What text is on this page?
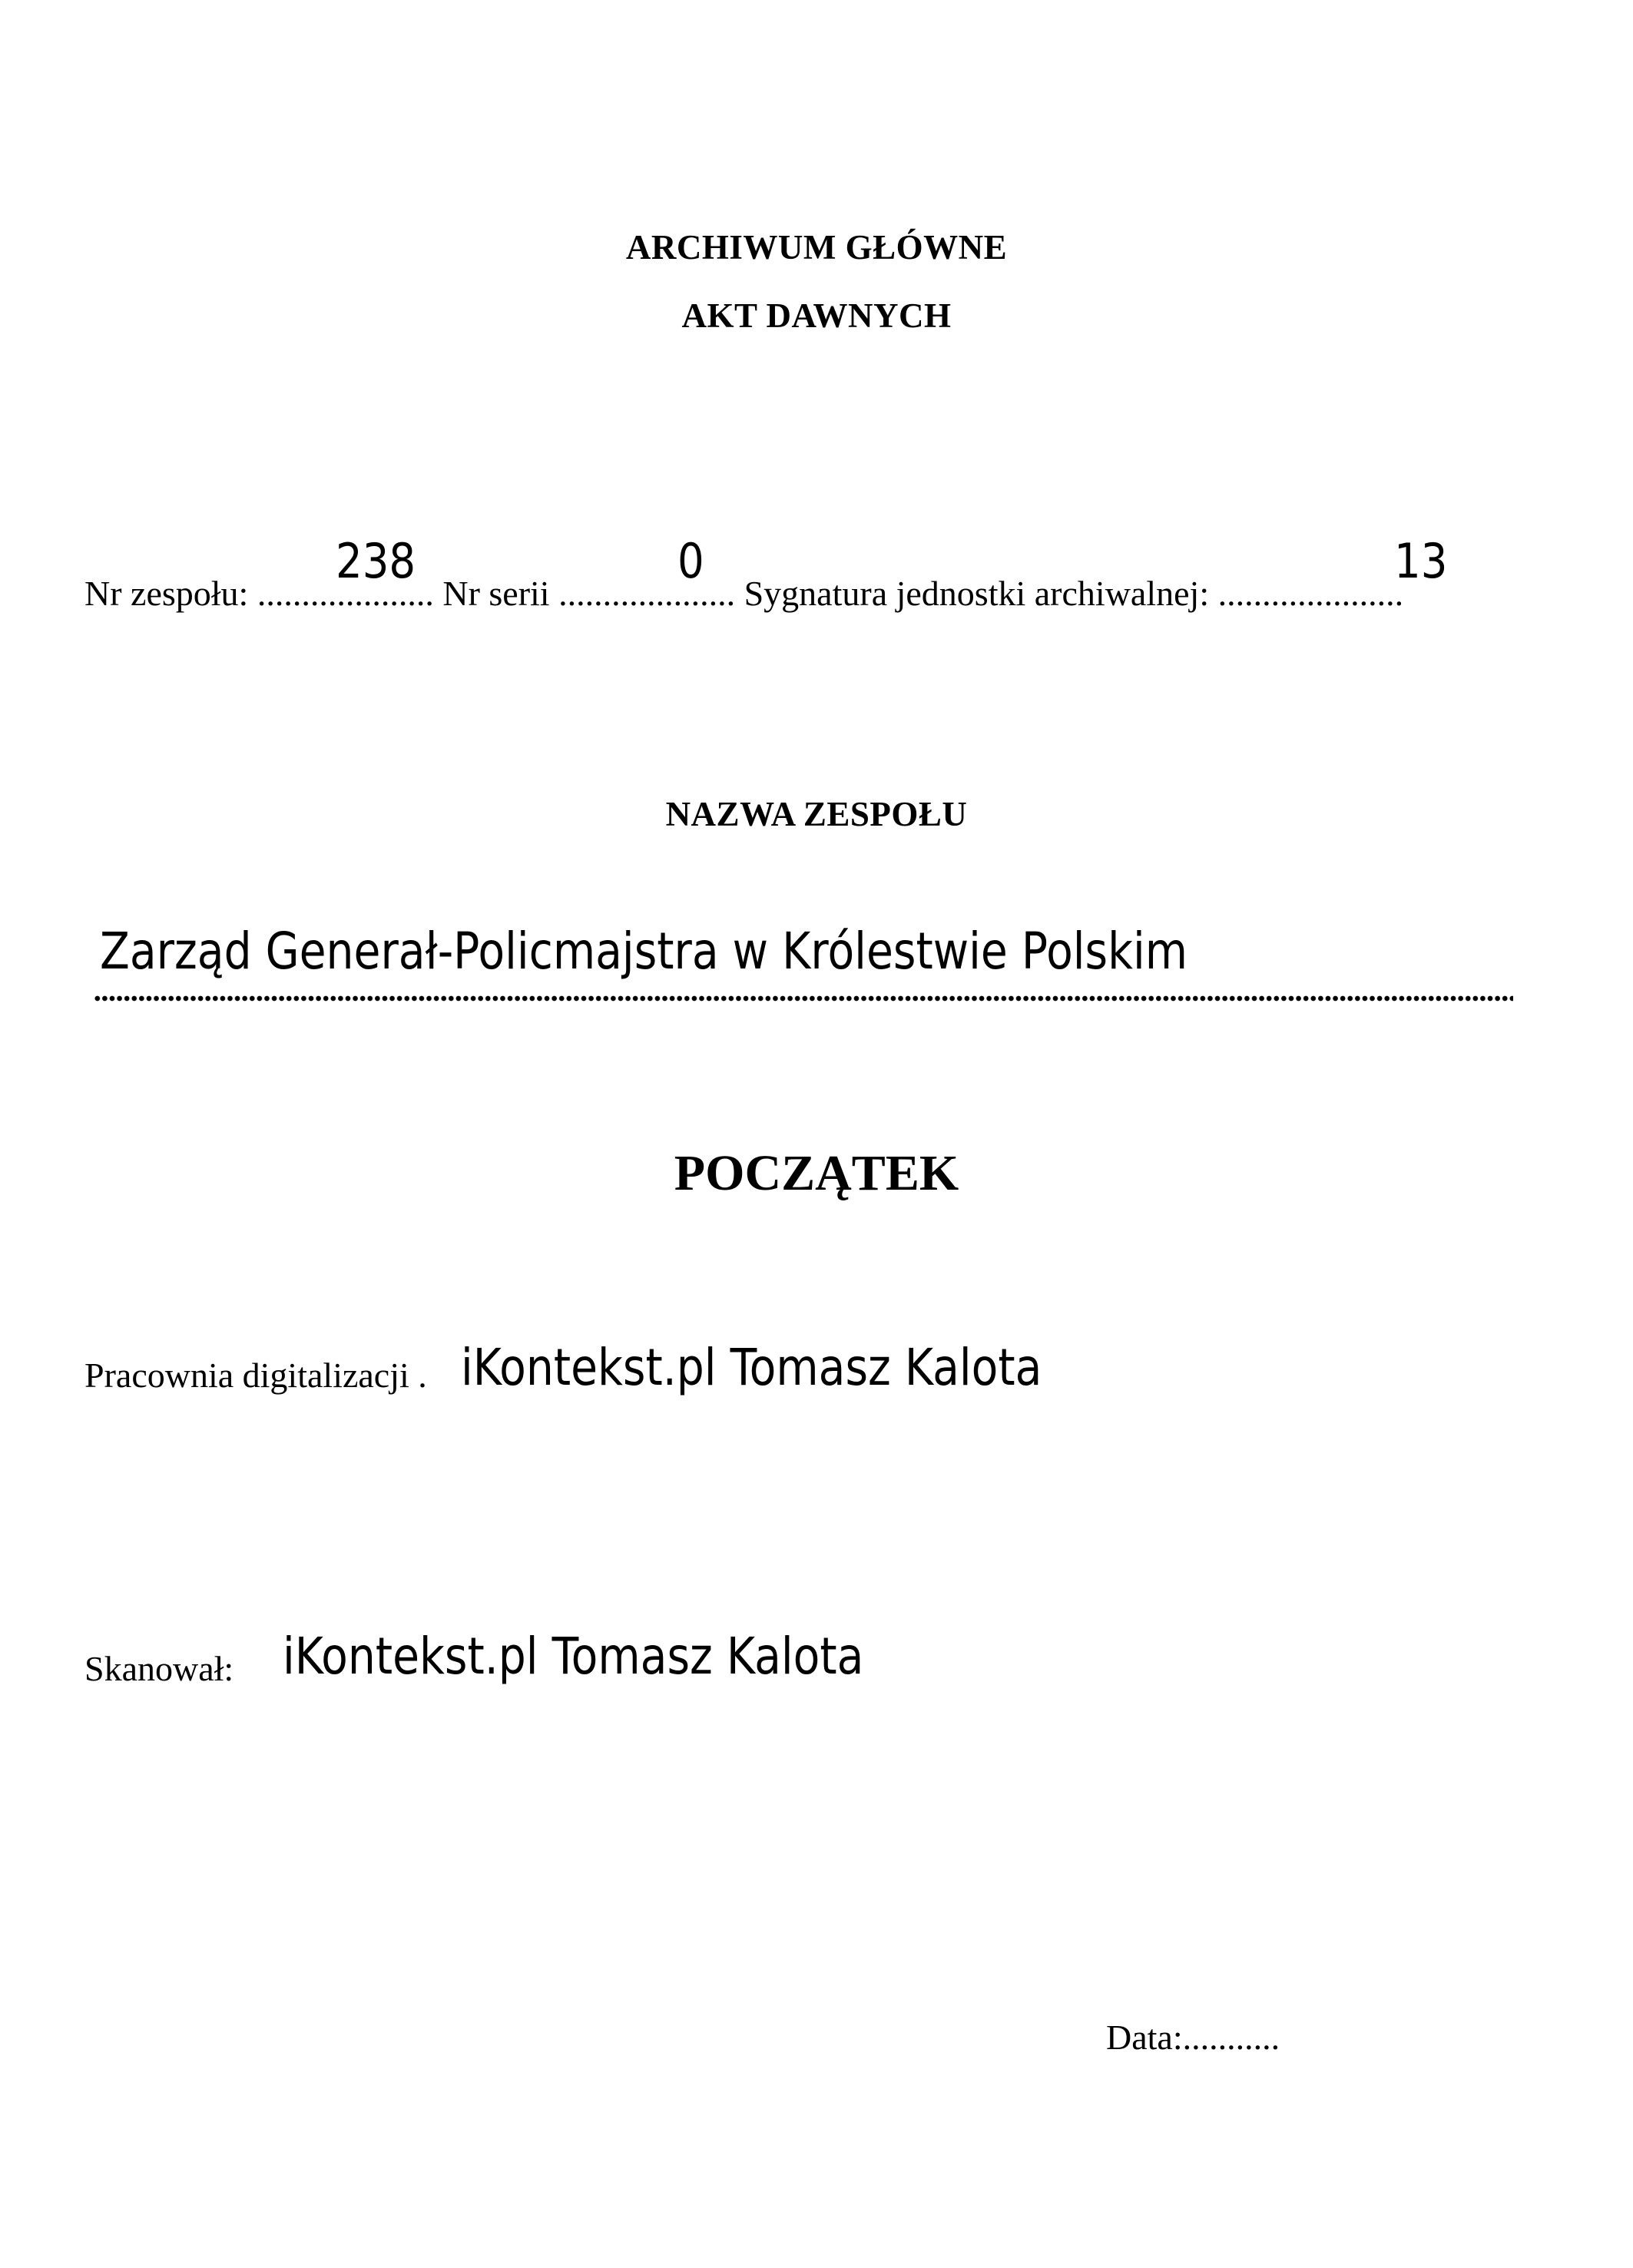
ARCHIWUM GŁÓWNE
AKT DAWNYCH
238	0	13
Nr zespołu: .................... Nr serii .................... Sygnatura jednostki archiwalnej: .....................
NAZWA ZESPOŁU
Zarząd Generał-Policmajstra w Królestwie Polskim
POCZĄTEK
Pracownia digitalizacji . iKontekst.pl Tomasz Kalota
Skanował: iKontekst.pl Tomasz Kalota
Data:...........
